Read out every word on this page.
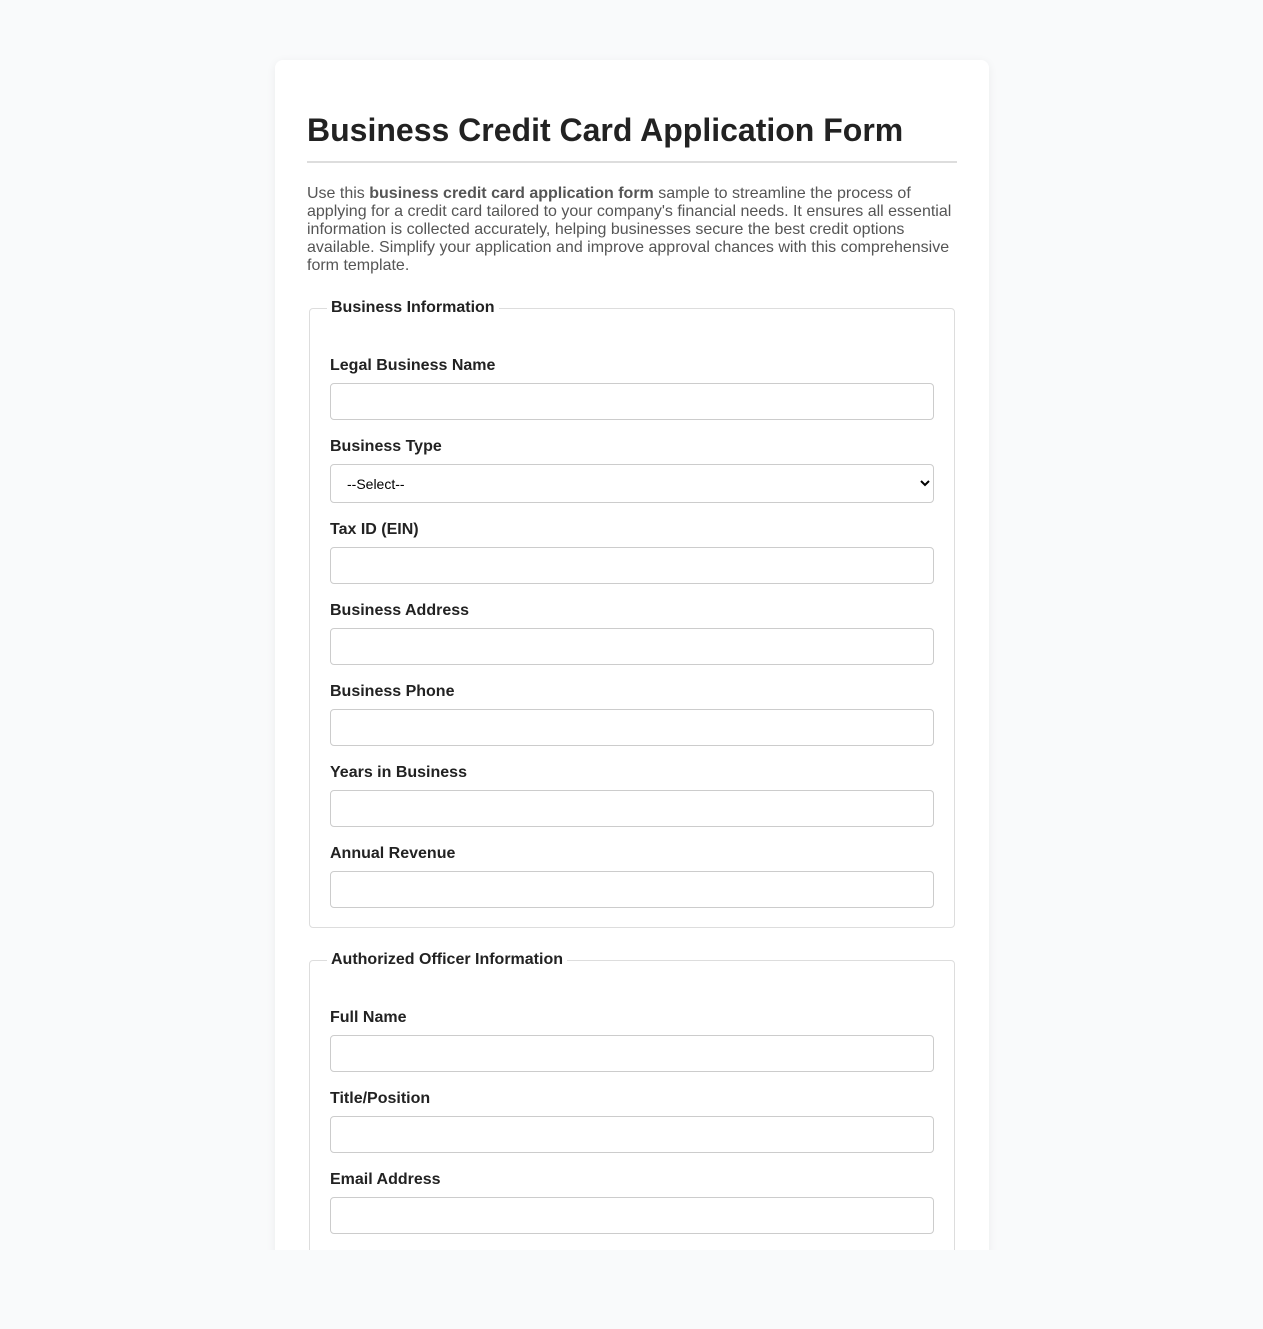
Business Credit Card Application Form

Use this business credit card application form sample to streamline the process of applying for a credit card tailored to your company's financial needs. It ensures all essential information is collected accurately, helping businesses secure the best credit options available. Simplify your application and improve approval chances with this comprehensive form template.

Business Information
Legal Business Name
Business Type
--Select--
Tax ID (EIN)
Business Address
Business Phone
Years in Business
Annual Revenue
Authorized Officer Information
Full Name
Title/Position
Email Address
